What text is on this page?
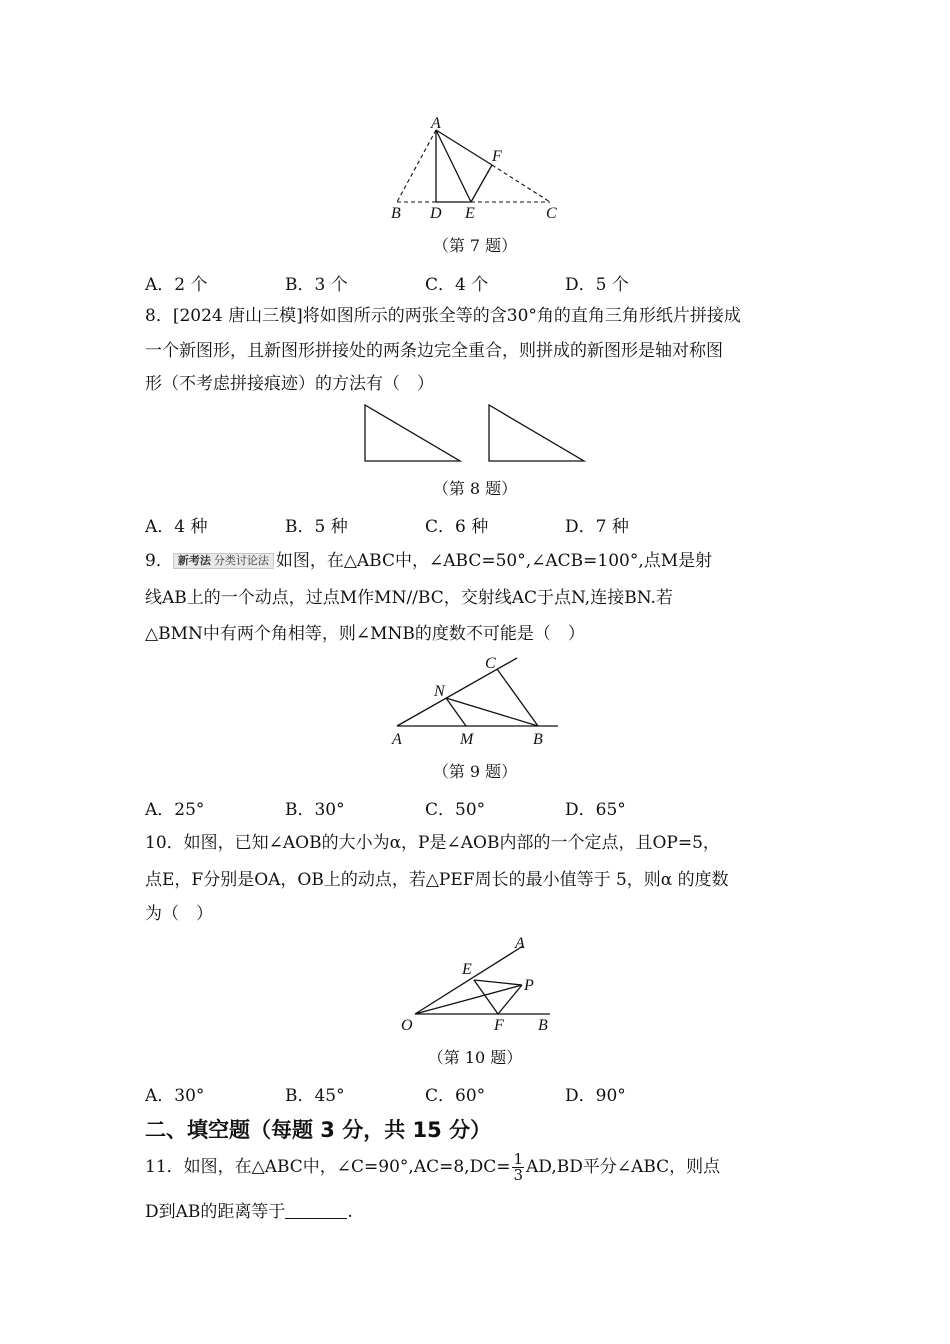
A
F
B D E	C
（第 7 题）
A．2 个	B．3 个	C．4 个	D．5 个
8．[2024 唐山三模]将如图所示的两张全等的含30°角的直角三角形纸片拼接成
一个新图形，且新图形拼接处的两条边完全重合，则拼成的新图形是轴对称图
形（不考虑拼接痕迹）的方法有（　）
（第 8 题）
A．4 种	B．5 种	C．6 种	D．7 种
9． 新考法 分类讨论法 如图，在△ABC中，∠ABC=50°,∠ACB=100°,点M是射
线AB上的一个动点，过点M作MN//BC，交射线AC于点N,连接BN.若
△BMN中有两个角相等，则∠MNB的度数不可能是（　）
C
N
A	M	B
（第 9 题）
A．25°	B．30°	C．50°	D．65°
10．如图，已知∠AOB的大小为α，P是∠AOB内部的一个定点，且OP=5，
点E，F分别是OA，OB上的动点，若△PEF周长的最小值等于 5，则α 的度数
为（　）
A
E
P
O	F B
（第 10 题）
A．30°	B．45°	C．60°	D．90°
二、填空题（每题 3 分，共 15 分）
11．如图，在△ABC中，∠C=90°,AC=8,DC= $\frac{1}{3} AD,BD$平分∠ABC，则点
D到AB的距离等于	.
